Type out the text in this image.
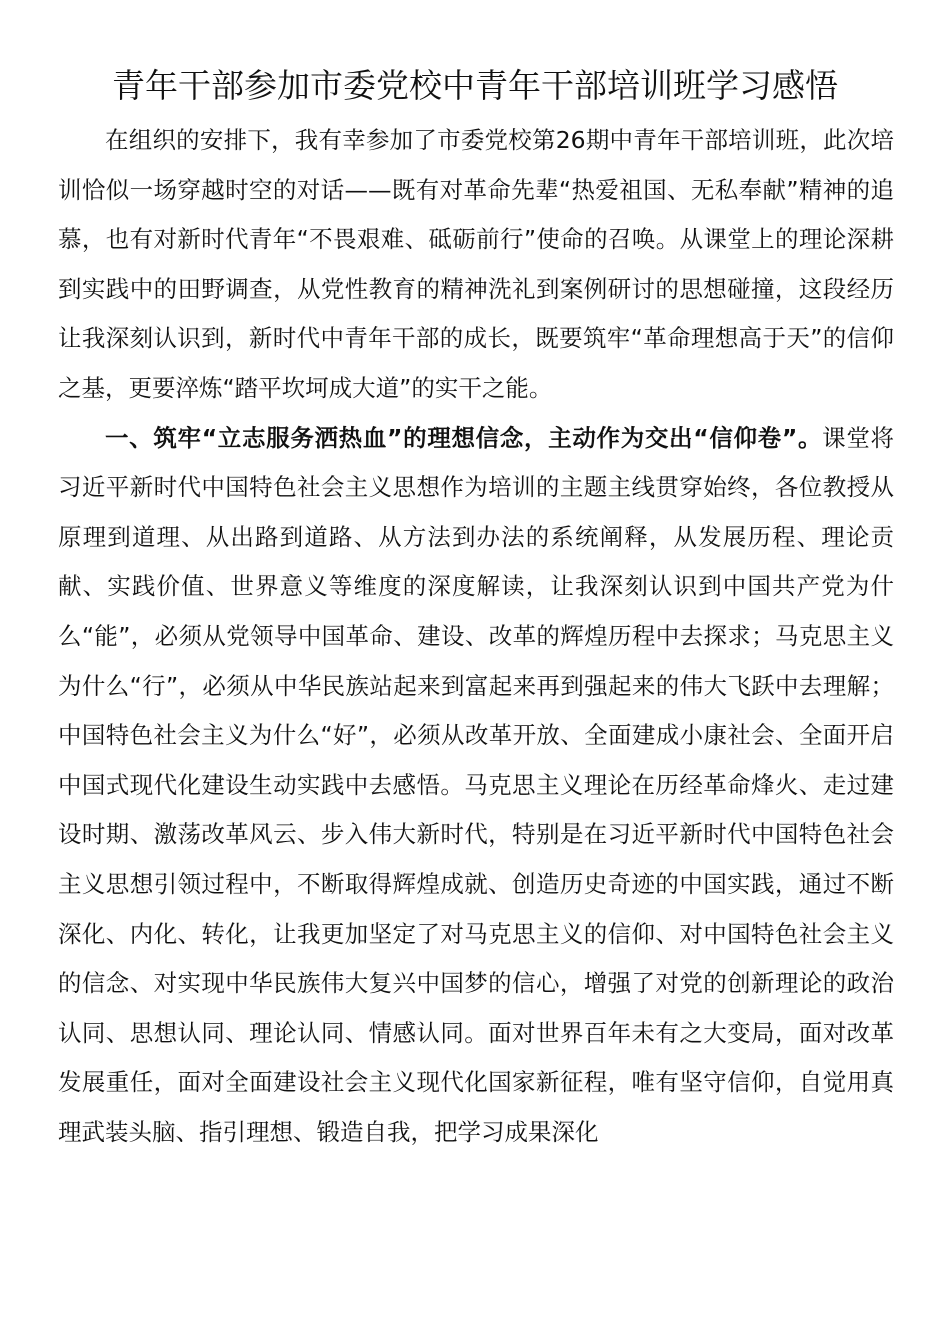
青年干部参加市委党校中青年干部培训班学习感悟

在组织的安排下，我有幸参加了市委党校第26期中青年干部培训班，此次培训恰似一场穿越时空的对话——既有对革命先辈“热爱祖国、无私奉献”精神的追慕，也有对新时代青年“不畏艰难、砥砺前行”使命的召唤。从课堂上的理论深耕到实践中的田野调查，从党性教育的精神洗礼到案例研讨的思想碰撞，这段经历让我深刻认识到，新时代中青年干部的成长，既要筑牢“革命理想高于天”的信仰之基，更要淬炼“踏平坎坷成大道”的实干之能。

一、筑牢“立志服务洒热血”的理想信念，主动作为交出“信仰卷”。课堂将习近平新时代中国特色社会主义思想作为培训的主题主线贯穿始终，各位教授从原理到道理、从出路到道路、从方法到办法的系统阐释，从发展历程、理论贡献、实践价值、世界意义等维度的深度解读，让我深刻认识到中国共产党为什么“能”，必须从党领导中国革命、建设、改革的辉煌历程中去探求；马克思主义为什么“行”，必须从中华民族站起来到富起来再到强起来的伟大飞跃中去理解；中国特色社会主义为什么“好”，必须从改革开放、全面建成小康社会、全面开启中国式现代化建设生动实践中去感悟。马克思主义理论在历经革命烽火、走过建设时期、激荡改革风云、步入伟大新时代，特别是在习近平新时代中国特色社会主义思想引领过程中，不断取得辉煌成就、创造历史奇迹的中国实践，通过不断深化、内化、转化，让我更加坚定了对马克思主义的信仰、对中国特色社会主义的信念、对实现中华民族伟大复兴中国梦的信心，增强了对党的创新理论的政治认同、思想认同、理论认同、情感认同。面对世界百年未有之大变局，面对改革发展重任，面对全面建设社会主义现代化国家新征程，唯有坚守信仰，自觉用真理武装头脑、指引理想、锻造自我，把学习成果深化
